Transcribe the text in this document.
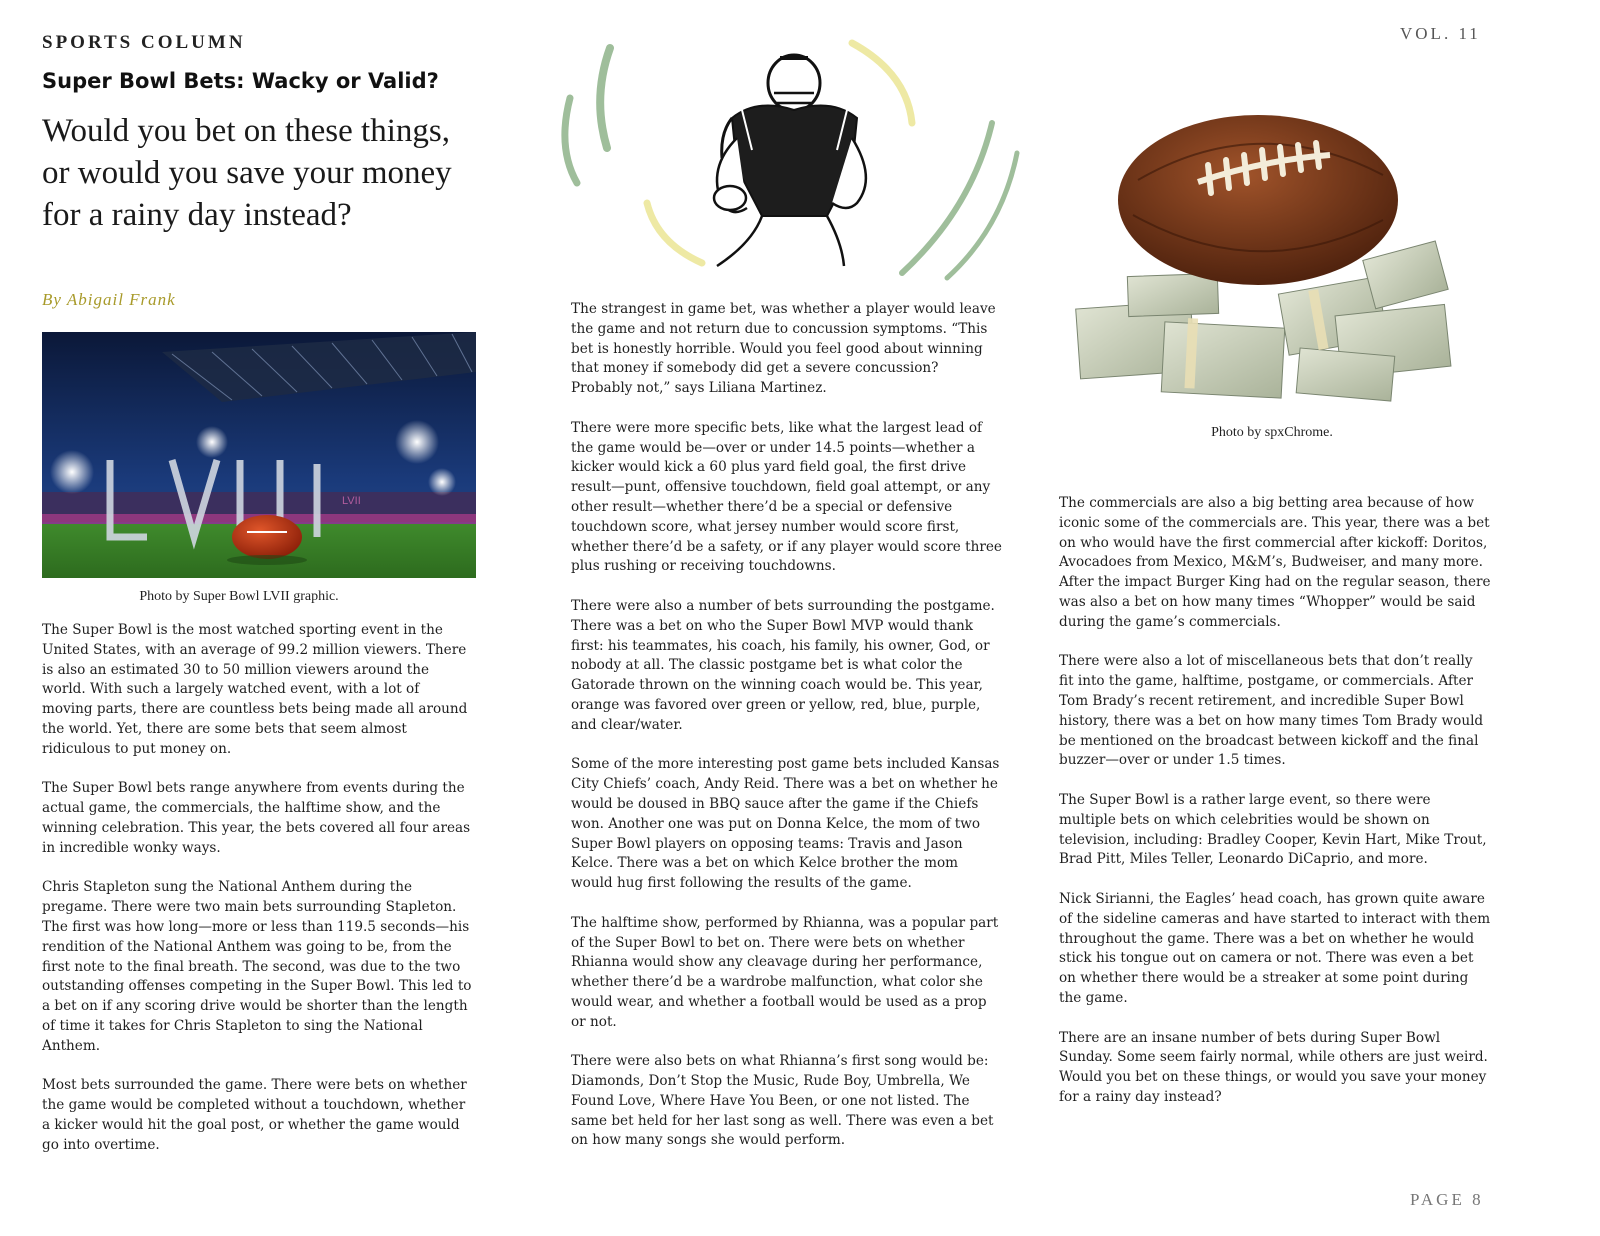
SPORTS COLUMN	VOL. 11
Super Bowl Bets: Wacky or Valid?
Would you bet on these things, or would you save your money for a rainy day instead?
By Abigail Frank
LVII
Photo by Super Bowl LVII graphic.

The Super Bowl is the most watched sporting event in the United States, with an average of 99.2 million viewers. There is also an estimated 30 to 50 million viewers around the world. With such a largely watched event, with a lot of moving parts, there are countless bets being made all around the world. Yet, there are some bets that seem almost ridiculous to put money on.

The Super Bowl bets range anywhere from events during the actual game, the commercials, the halftime show, and the winning celebration. This year, the bets covered all four areas in incredible wonky ways.

Chris Stapleton sung the National Anthem during the pregame. There were two main bets surrounding Stapleton. The first was how long—more or less than 119.5 seconds—his rendition of the National Anthem was going to be, from the first note to the final breath. The second, was due to the two outstanding offenses competing in the Super Bowl. This led to a bet on if any scoring drive would be shorter than the length of time it takes for Chris Stapleton to sing the National Anthem.

Most bets surrounded the game. There were bets on whether the game would be completed without a touchdown, whether a kicker would hit the goal post, or whether the game would go into overtime.

The strangest in game bet, was whether a player would leave the game and not return due to concussion symptoms. “This bet is honestly horrible. Would you feel good about winning that money if somebody did get a severe concussion? Probably not,” says Liliana Martinez.

There were more specific bets, like what the largest lead of the game would be—over or under 14.5 points—whether a kicker would kick a 60 plus yard field goal, the first drive result—punt, offensive touchdown, field goal attempt, or any other result—whether there’d be a special or defensive touchdown score, what jersey number would score first, whether there’d be a safety, or if any player would score three plus rushing or receiving touchdowns.

There were also a number of bets surrounding the postgame. There was a bet on who the Super Bowl MVP would thank first: his teammates, his coach, his family, his owner, God, or nobody at all. The classic postgame bet is what color the Gatorade thrown on the winning coach would be. This year, orange was favored over green or yellow, red, blue, purple, and clear/water.

Some of the more interesting post game bets included Kansas City Chiefs’ coach, Andy Reid. There was a bet on whether he would be doused in BBQ sauce after the game if the Chiefs won. Another one was put on Donna Kelce, the mom of two Super Bowl players on opposing teams: Travis and Jason Kelce. There was a bet on which Kelce brother the mom would hug first following the results of the game.

The halftime show, performed by Rhianna, was a popular part of the Super Bowl to bet on. There were bets on whether Rhianna would show any cleavage during her performance, whether there’d be a wardrobe malfunction, what color she would wear, and whether a football would be used as a prop or not.

There were also bets on what Rhianna’s first song would be: Diamonds, Don’t Stop the Music, Rude Boy, Umbrella, We Found Love, Where Have You Been, or one not listed. The same bet held for her last song as well. There was even a bet on how many songs she would perform.

Photo by spxChrome.

The commercials are also a big betting area because of how iconic some of the commercials are. This year, there was a bet on who would have the first commercial after kickoff: Doritos, Avocadoes from Mexico, M&M’s, Budweiser, and many more. After the impact Burger King had on the regular season, there was also a bet on how many times “Whopper” would be said during the game’s commercials.

There were also a lot of miscellaneous bets that don’t really fit into the game, halftime, postgame, or commercials. After Tom Brady’s recent retirement, and incredible Super Bowl history, there was a bet on how many times Tom Brady would be mentioned on the broadcast between kickoff and the final buzzer—over or under 1.5 times.

The Super Bowl is a rather large event, so there were multiple bets on which celebrities would be shown on television, including: Bradley Cooper, Kevin Hart, Mike Trout, Brad Pitt, Miles Teller, Leonardo DiCaprio, and more.

Nick Sirianni, the Eagles’ head coach, has grown quite aware of the sideline cameras and have started to interact with them throughout the game. There was a bet on whether he would stick his tongue out on camera or not. There was even a bet on whether there would be a streaker at some point during the game.

There are an insane number of bets during Super Bowl Sunday. Some seem fairly normal, while others are just weird. Would you bet on these things, or would you save your money for a rainy day instead?

PAGE 8
